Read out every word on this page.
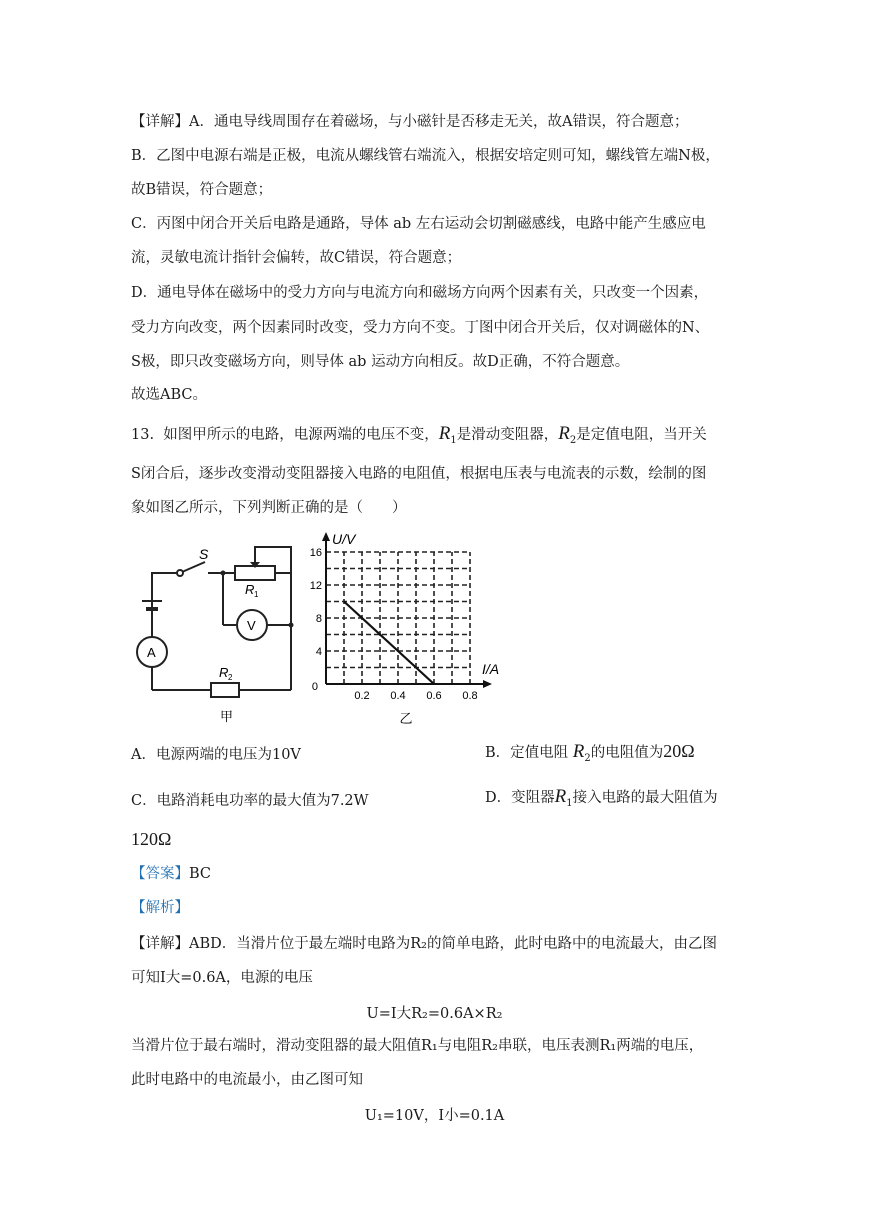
【详解】A．通电导线周围存在着磁场，与小磁针是否移走无关，故A错误，符合题意；
B．乙图中电源右端是正极，电流从螺线管右端流入，根据安培定则可知，螺线管左端N极，
故B错误，符合题意；
C．丙图中闭合开关后电路是通路，导体 ab 左右运动会切割磁感线，电路中能产生感应电
流，灵敏电流计指针会偏转，故C错误，符合题意；
D．通电导体在磁场中的受力方向与电流方向和磁场方向两个因素有关，只改变一个因素，
受力方向改变，两个因素同时改变，受力方向不变。丁图中闭合开关后，仅对调磁体的N、
S极，即只改变磁场方向，则导体 ab 运动方向相反。故D正确，不符合题意。
故选ABC。
13. 如图甲所示的电路，电源两端的电压不变，$R_1$是滑动变阻器，$R_2$是定值电阻，当开关
S闭合后，逐步改变滑动变阻器接入电路的电阻值，根据电压表与电流表的示数，绘制的图
象如图乙所示，下列判断正确的是（　　）
S
R 1
R 2
A
V
甲
0.2 0.4 0.6 0.8
4
8
12
16
0
I/A
U/V
乙
A．电源两端的电压为10V	B．定值电阻 $R_2$的电阻值为20Ω
C．电路消耗电功率的最大值为7.2W	D．变阻器$R_1$接入电路的最大阻值为
120Ω
【答案】BC
【解析】
【详解】ABD．当滑片位于最左端时电路为R₂的简单电路，此时电路中的电流最大，由乙图
可知I大=0.6A，电源的电压
U=I大R₂=0.6A×R₂
当滑片位于最右端时，滑动变阻器的最大阻值R₁与电阻R₂串联，电压表测R₁两端的电压，
此时电路中的电流最小，由乙图可知
U₁=10V，I小=0.1A
